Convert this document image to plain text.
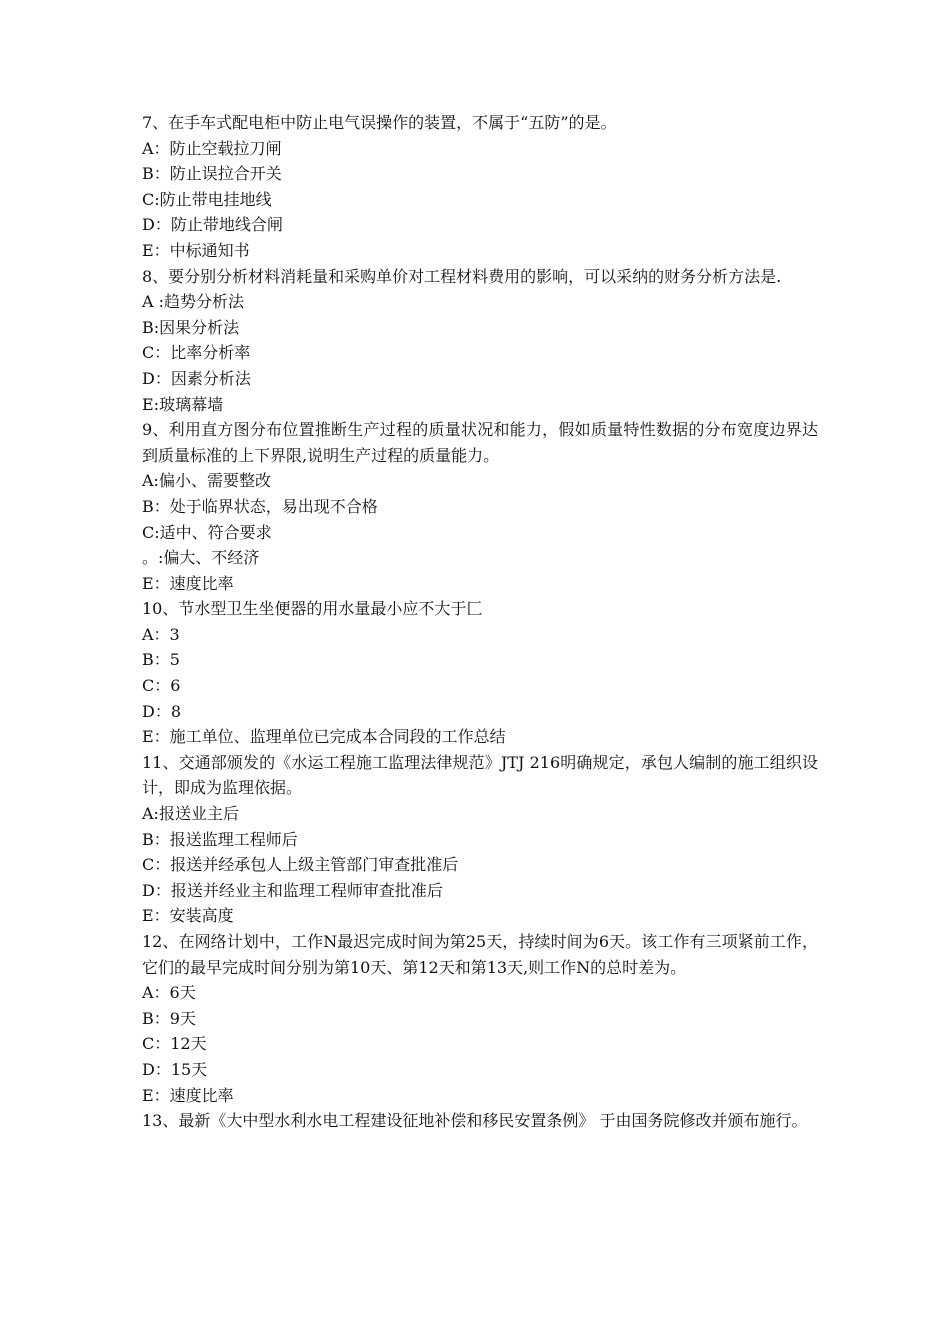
7、在手车式配电柜中防止电气误操作的装置，不属于“五防”的是。

A：防止空载拉刀闸

B：防止误拉合开关

C:防止带电挂地线

D：防止带地线合闸

E：中标通知书

8、要分别分析材料消耗量和采购单价对工程材料费用的影响，可以采纳的财务分析方法是.

A :趋势分析法

B:因果分析法

C：比率分析率

D：因素分析法

E:玻璃幕墙

9、利用直方图分布位置推断生产过程的质量状况和能力，假如质量特性数据的分布宽度边界达到质量标准的上下界限,说明生产过程的质量能力。

A:偏小、需要整改

B：处于临界状态，易出现不合格

C:适中、符合要求

。:偏大、不经济

E：速度比率

10、节水型卫生坐便器的用水量最小应不大于匚

A：3

B：5

C：6

D：8

E：施工单位、监理单位已完成本合同段的工作总结

11、交通部颁发的《水运工程施工监理法律规范》JTJ 216明确规定，承包人编制的施工组织设计，即成为监理依据。

A:报送业主后

B：报送监理工程师后

C：报送并经承包人上级主管部门审查批准后

D：报送并经业主和监理工程师审查批准后

E：安装高度

12、在网络计划中，工作N最迟完成时间为第25天，持续时间为6天。该工作有三项紧前工作，它们的最早完成时间分别为第10天、第12天和第13天,则工作N的总时差为。

A：6天

B：9天

C：12天

D：15天

E：速度比率

13、最新《大中型水利水电工程建设征地补偿和移民安置条例》 于由国务院修改并颁布施行。
